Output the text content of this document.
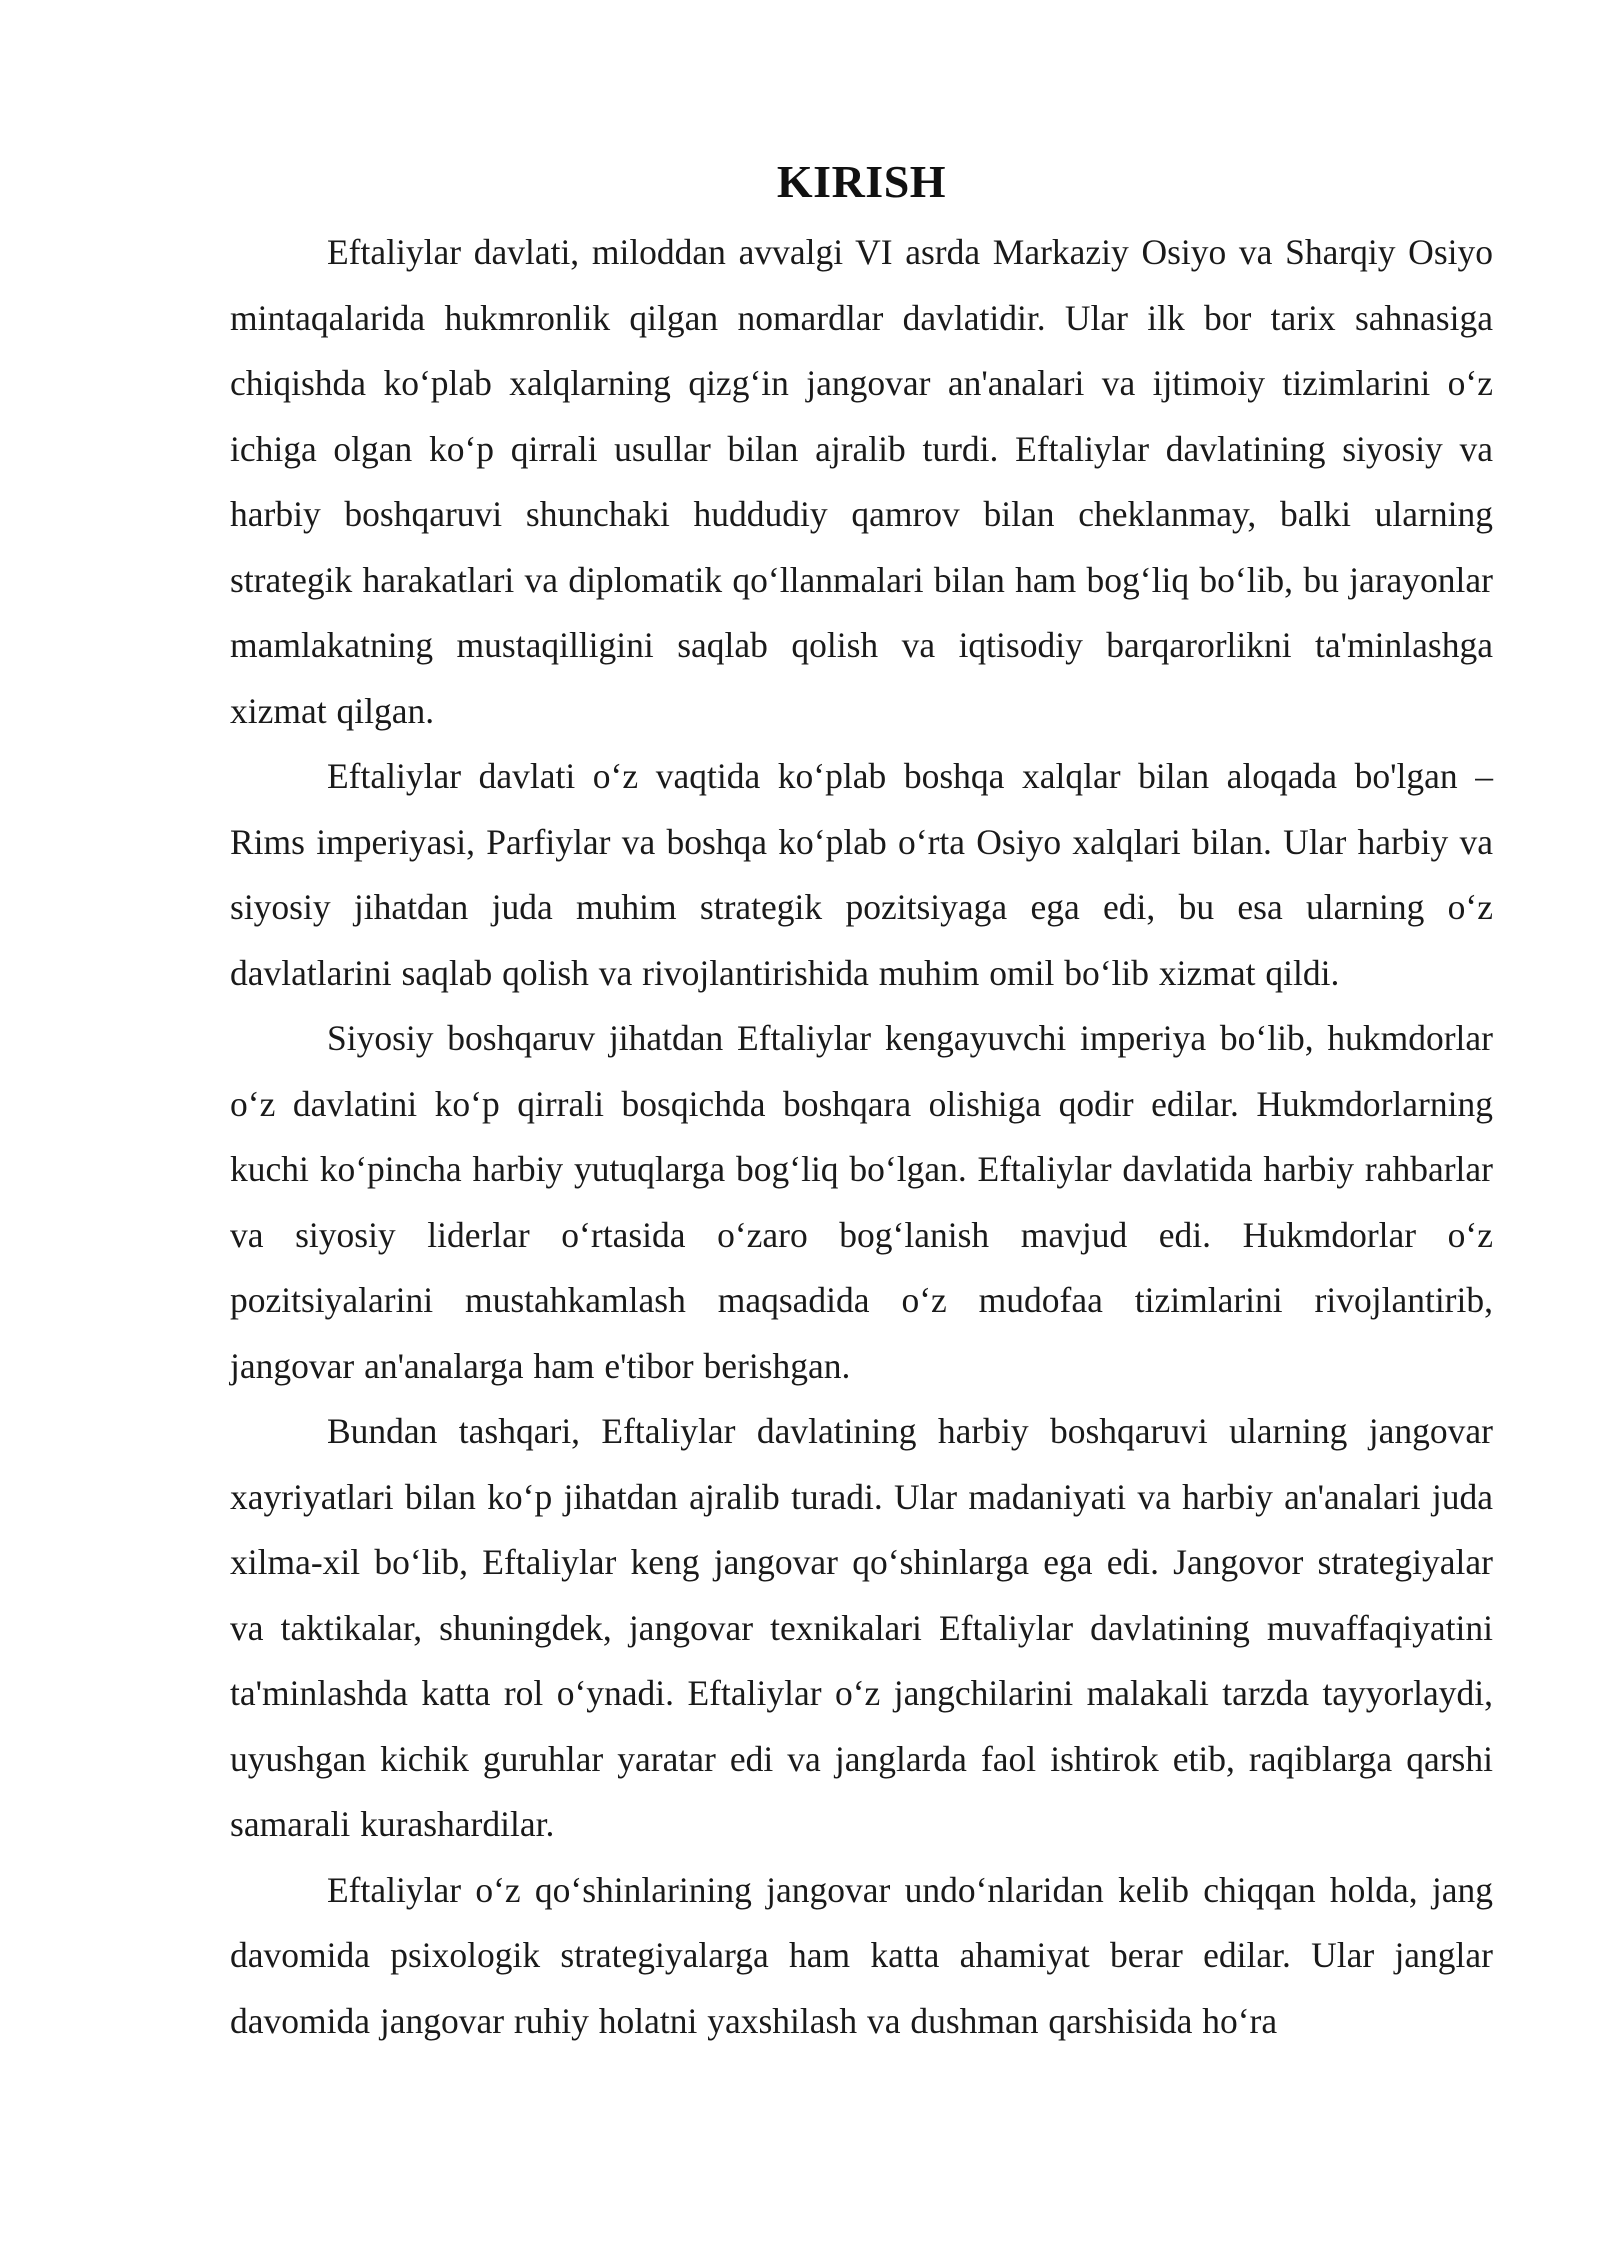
KIRISH

Eftaliylar davlati, miloddan avvalgi VI asrda Markaziy Osiyo va Sharqiy Osiyo mintaqalarida hukmronlik qilgan nomardlar davlatidir. Ular ilk bor tarix sahnasiga chiqishda koʻplab xalqlarning qizgʻin jangovar an'analari va ijtimoiy tizimlarini oʻz ichiga olgan koʻp qirrali usullar bilan ajralib turdi. Eftaliylar davlatining siyosiy va harbiy boshqaruvi shunchaki huddudiy qamrov bilan cheklanmay, balki ularning strategik harakatlari va diplomatik qoʻllanmalari bilan ham bogʻliq boʻlib, bu jarayonlar mamlakatning mustaqilligini saqlab qolish va iqtisodiy barqarorlikni ta'minlashga xizmat qilgan.

Eftaliylar davlati oʻz vaqtida koʻplab boshqa xalqlar bilan aloqada bo'lgan – Rims imperiyasi, Parfiylar va boshqa koʻplab oʻrta Osiyo xalqlari bilan. Ular harbiy va siyosiy jihatdan juda muhim strategik pozitsiyaga ega edi, bu esa ularning oʻz davlatlarini saqlab qolish va rivojlantirishida muhim omil boʻlib xizmat qildi.

Siyosiy boshqaruv jihatdan Eftaliylar kengayuvchi imperiya boʻlib, hukmdorlar oʻz davlatini koʻp qirrali bosqichda boshqara olishiga qodir edilar. Hukmdorlarning kuchi koʻpincha harbiy yutuqlarga bogʻliq boʻlgan. Eftaliylar davlatida harbiy rahbarlar va siyosiy liderlar oʻrtasida oʻzaro bogʻlanish mavjud edi. Hukmdorlar oʻz pozitsiyalarini mustahkamlash maqsadida oʻz mudofaa tizimlarini rivojlantirib, jangovar an'analarga ham e'tibor berishgan.

Bundan tashqari, Eftaliylar davlatining harbiy boshqaruvi ularning jangovar xayriyatlari bilan koʻp jihatdan ajralib turadi. Ular madaniyati va harbiy an'analari juda xilma-xil boʻlib, Eftaliylar keng jangovar qoʻshinlarga ega edi. Jangovor strategiyalar va taktikalar, shuningdek, jangovar texnikalari Eftaliylar davlatining muvaffaqiyatini ta'minlashda katta rol oʻynadi. Eftaliylar oʻz jangchilarini malakali tarzda tayyorlaydi, uyushgan kichik guruhlar yaratar edi va janglarda faol ishtirok etib, raqiblarga qarshi samarali kurashardilar.

Eftaliylar oʻz qoʻshinlarining jangovar undoʻnlaridan kelib chiqqan holda, jang davomida psixologik strategiyalarga ham katta ahamiyat berar edilar. Ular janglar davomida jangovar ruhiy holatni yaxshilash va dushman qarshisida hoʻra
